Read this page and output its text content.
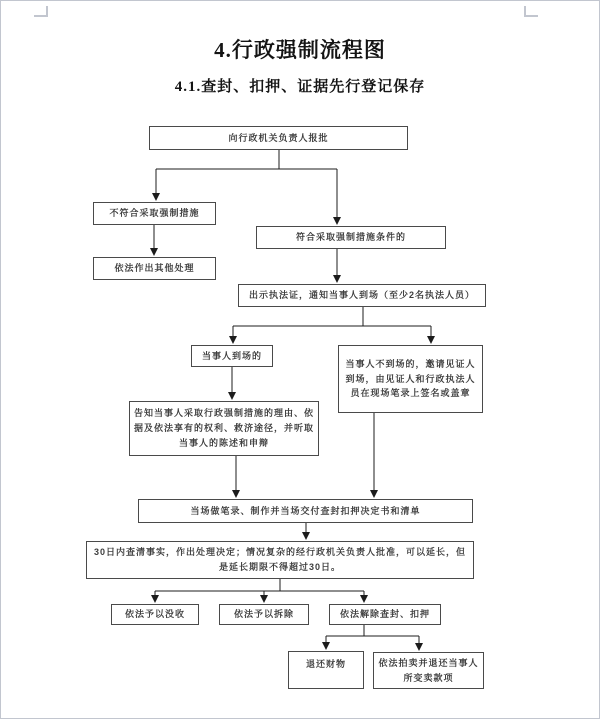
4.行政强制流程图
4.1.查封、扣押、证据先行登记保存
向行政机关负责人报批
不符合采取强制措施
依法作出其他处理
符合采取强制措施条件的
出示执法证，通知当事人到场（至少2名执法人员）
当事人到场的
当事人不到场的，邀请见证人到场，由见证人和行政执法人员在现场笔录上签名或盖章
告知当事人采取行政强制措施的理由、依据及依法享有的权利、救济途径，并听取当事人的陈述和申辩
当场做笔录、制作并当场交付查封扣押决定书和清单
30日内查清事实，作出处理决定；情况复杂的经行政机关负责人批准，可以延长，但是延长期限不得超过30日。
依法予以没收	依法予以拆除	依法解除查封、扣押
退还财物	依法拍卖并退还当事人所变卖款项
